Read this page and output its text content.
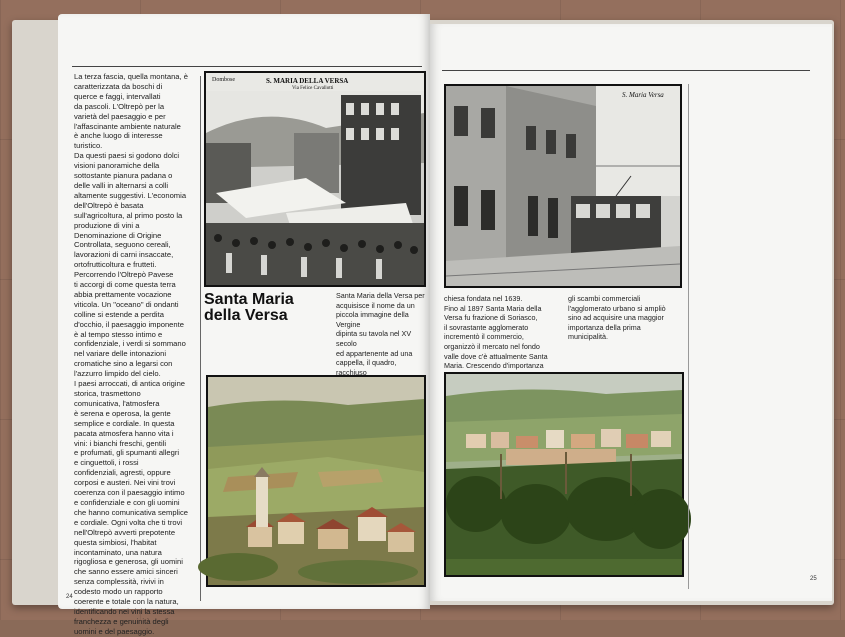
La terza fascia, quella montana, è
caratterizzata da boschi di
querce e faggi, intervallati
da pascoli. L'Oltrepò per la
varietà del paesaggio e per
l'affascinante ambiente naturale
è anche luogo di interesse
turistico.
Da questi paesi si godono dolci
visioni panoramiche della
sottostante pianura padana o
delle valli in alternarsi a colli
altamente suggestivi. L'economia
dell'Oltrepò è basata
sull'agricoltura, al primo posto la
produzione di vini a
Denominazione di Origine
Controllata, seguono cereali,
lavorazioni di carni insaccate,
ortofrutticoltura e frutteti.
Percorrendo l'Oltrepò Pavese
ti accorgi di come questa terra
abbia prettamente vocazione
viticola. Un "oceano" di ondanti
colline si estende a perdita
d'occhio, il paesaggio imponente
è al tempo stesso intimo e
confidenziale, i verdi si sommano
nel variare delle intonazioni
cromatiche sino a legarsi con
l'azzurro limpido del cielo.
I paesi arroccati, di antica origine
storica, trasmettono
comunicativa, l'atmosfera
è serena e operosa, la gente
semplice e cordiale. In questa
pacata atmosfera hanno vita i
vini: i bianchi freschi, gentili
e profumati, gli spumanti allegri
e cinguettoli, i rossi
confidenziali, agresti, oppure
corposi e austeri. Nei vini trovi
coerenza con il paesaggio intimo
e confidenziale e con gli uomini
che hanno comunicativa semplice
e cordiale. Ogni volta che ti trovi
nell'Oltrepò avverti prepotente
questa simbiosi, l'habitat
incontaminato, una natura
rigogliosa e generosa, gli uomini
che sanno essere amici sinceri
senza complessità, rivivi in
codesto modo un rapporto
coerente e totale con la natura,
identificando nei vini la stessa
franchezza e genuinità degli
uomini e del paesaggio.

Dombose	S. MARIA DELLA VERSA
Via Felice Cavallotti
Santa Maria
della Versa

Santa Maria della Versa per
acquisisce il nome da un
piccola immagine della Vergine
dipinta su tavola nel XV secolo
ed appartenente ad una
cappella, il quadro, racchiuso

24
S. Maria Versa

chiesa fondata nel 1639.
Fino al 1897 Santa Maria della
Versa fu frazione di Soriasco,
il sovrastante agglomerato
incrementò il commercio,
organizzò il mercato nel fondo
valle dove c'è attualmente Santa
Maria. Crescendo d'importanza

gli scambi commerciali
l'agglomerato urbano si ampliò
sino ad acquisire una maggior
importanza della prima
municipalità.

25
